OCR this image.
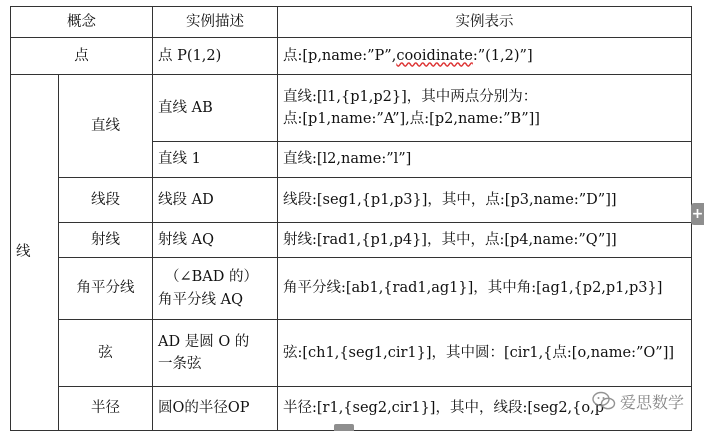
概念		实例描述	实例表示
点		点 P(1,2)	点:[p,name:”P”,cooidinate:”(1,2)”]
线	直线	直线 AB	直线:[l1,{p1,p2}]，其中两点分别为：
点:[p1,name:”A”],点:[p2,name:”B”]]

		直线 1	直线:[l2,name:”l”]
	线段	线段 AD	线段:[seg1,{p1,p3}]，其中，点:[p3,name:”D”]]
	射线	射线 AQ	射线:[rad1,{p1,p4}]，其中，点:[p4,name:”Q”]]
	角平分线	（∠BAD 的）
角平分线 AQ	角平分线:[ab1,{rad1,ag1}]，其中角:[ag1,{p2,p1,p3}]
	弦	AD 是圆 O 的
一条弦	弦:[ch1,{seg1,cir1}]，其中圆：[cir1,{点:[o,name:”O”]]
	半径	圆O的半径OP	半径:[r1,{seg2,cir1}]，其中，线段:[seg2,{o,p 爱思数学
+
